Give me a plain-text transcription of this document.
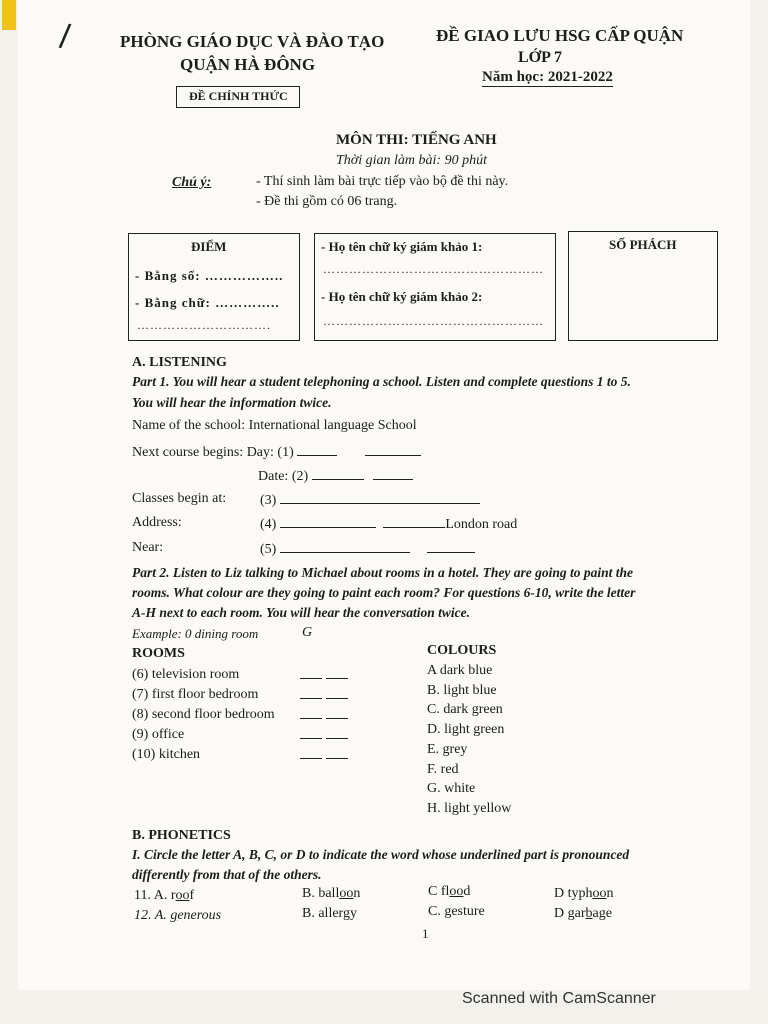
/	PHÒNG GIÁO DỤC VÀ ĐÀO TẠO
QUẬN HÀ ĐÔNG
ĐỀ CHÍNH THỨC
ĐỀ GIAO LƯU HSG CẤP QUẬN
LỚP 7
Năm học: 2021-2022
MÔN THI: TIẾNG ANH
Thời gian làm bài: 90 phút
Chú ý:	- Thí sinh làm bài trực tiếp vào bộ đề thi này.
- Đề thi gồm có 06 trang.
ĐIỂM
- Bằng số: ……………..
- Bằng chữ: …………..
………………………….
- Họ tên chữ ký giám khảo 1:
……………………………………………
- Họ tên chữ ký giám khảo 2:
……………………………………………
SỐ PHÁCH
A. LISTENING
Part 1. You will hear a student telephoning a school. Listen and complete questions 1 to 5.
You will hear the information twice.
Name of the school: International language School
Next course begins: Day: (1)
Date: (2)
Classes begin at: (3)
Address:	(4)	London road
Near:	(5)
Part 2. Listen to Liz talking to Michael about rooms in a hotel. They are going to paint the
rooms. What colour are they going to paint each room? For questions 6-10, write the letter
A-H next to each room. You will hear the conversation twice.
Example: 0 dining room	G
ROOMS
(6) television room
(7) first floor bedroom
(8) second floor bedroom
(9) office
(10) kitchen

COLOURS
A dark blue
B. light blue
C. dark green
D. light green
E. grey
F. red
G. white
H. light yellow
B. PHONETICS
I. Circle the letter A, B, C, or D to indicate the word whose underlined part is pronounced
differently from that of the others.
11. A. roof	B. balloon	C flood	D typhoon
12. A. generous	B. allergy	C. gesture	D garbage
1
Scanned with CamScanner
